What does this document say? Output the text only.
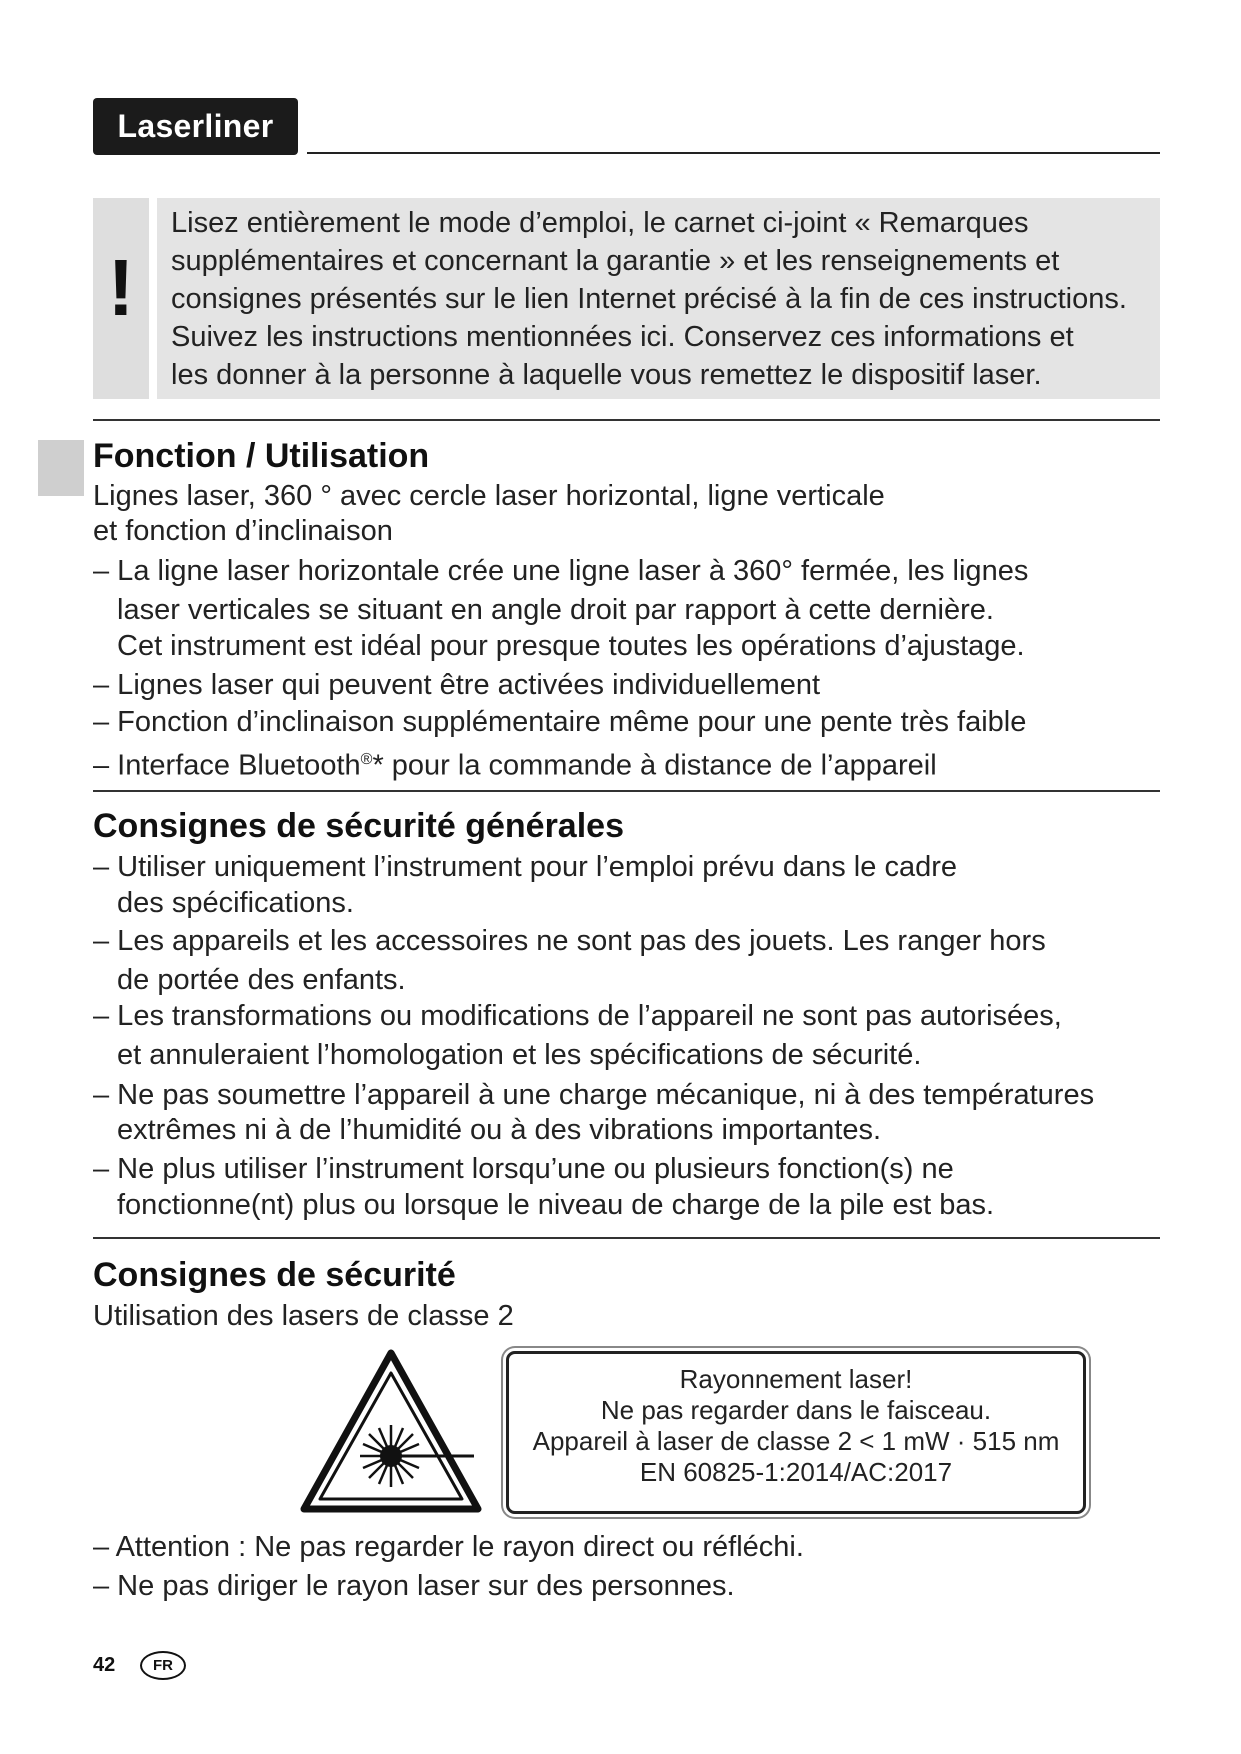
Laserliner
!
Lisez entièrement le mode d’emploi, le carnet ci-joint « Remarques
supplémentaires et concernant la garantie » et les renseignements et
consignes présentés sur le lien Internet précisé à la fin de ces instructions.
Suivez les instructions mentionnées ici. Conservez ces informations et
les donner à la personne à laquelle vous remettez le dispositif laser.
Fonction / Utilisation
Lignes laser, 360 ° avec cercle laser horizontal, ligne verticale
et fonction d’inclinaison
– La ligne laser horizontale crée une ligne laser à 360° fermée, les lignes
laser verticales se situant en angle droit par rapport à cette dernière.
Cet instrument est idéal pour presque toutes les opérations d’ajustage.
– Lignes laser qui peuvent être activées individuellement
– Fonction d’inclinaison supplémentaire même pour une pente très faible
– Interface Bluetooth®* pour la commande à distance de l’appareil
Consignes de sécurité générales
– Utiliser uniquement l’instrument pour l’emploi prévu dans le cadre
des spécifications.
– Les appareils et les accessoires ne sont pas des jouets. Les ranger hors
de portée des enfants.
– Les transformations ou modifications de l’appareil ne sont pas autorisées,
et annuleraient l’homologation et les spécifications de sécurité.
– Ne pas soumettre l’appareil à une charge mécanique, ni à des températures
extrêmes ni à de l’humidité ou à des vibrations importantes.
– Ne plus utiliser l’instrument lorsqu’une ou plusieurs fonction(s) ne
fonctionne(nt) plus ou lorsque le niveau de charge de la pile est bas.
Consignes de sécurité
Utilisation des lasers de classe 2
Rayonnement laser!
Ne pas regarder dans le faisceau.
Appareil à laser de classe 2 < 1 mW · 515 nm
EN 60825-1:2014/AC:2017
– Attention : Ne pas regarder le rayon direct ou réfléchi.
– Ne pas diriger le rayon laser sur des personnes.
42	FR
